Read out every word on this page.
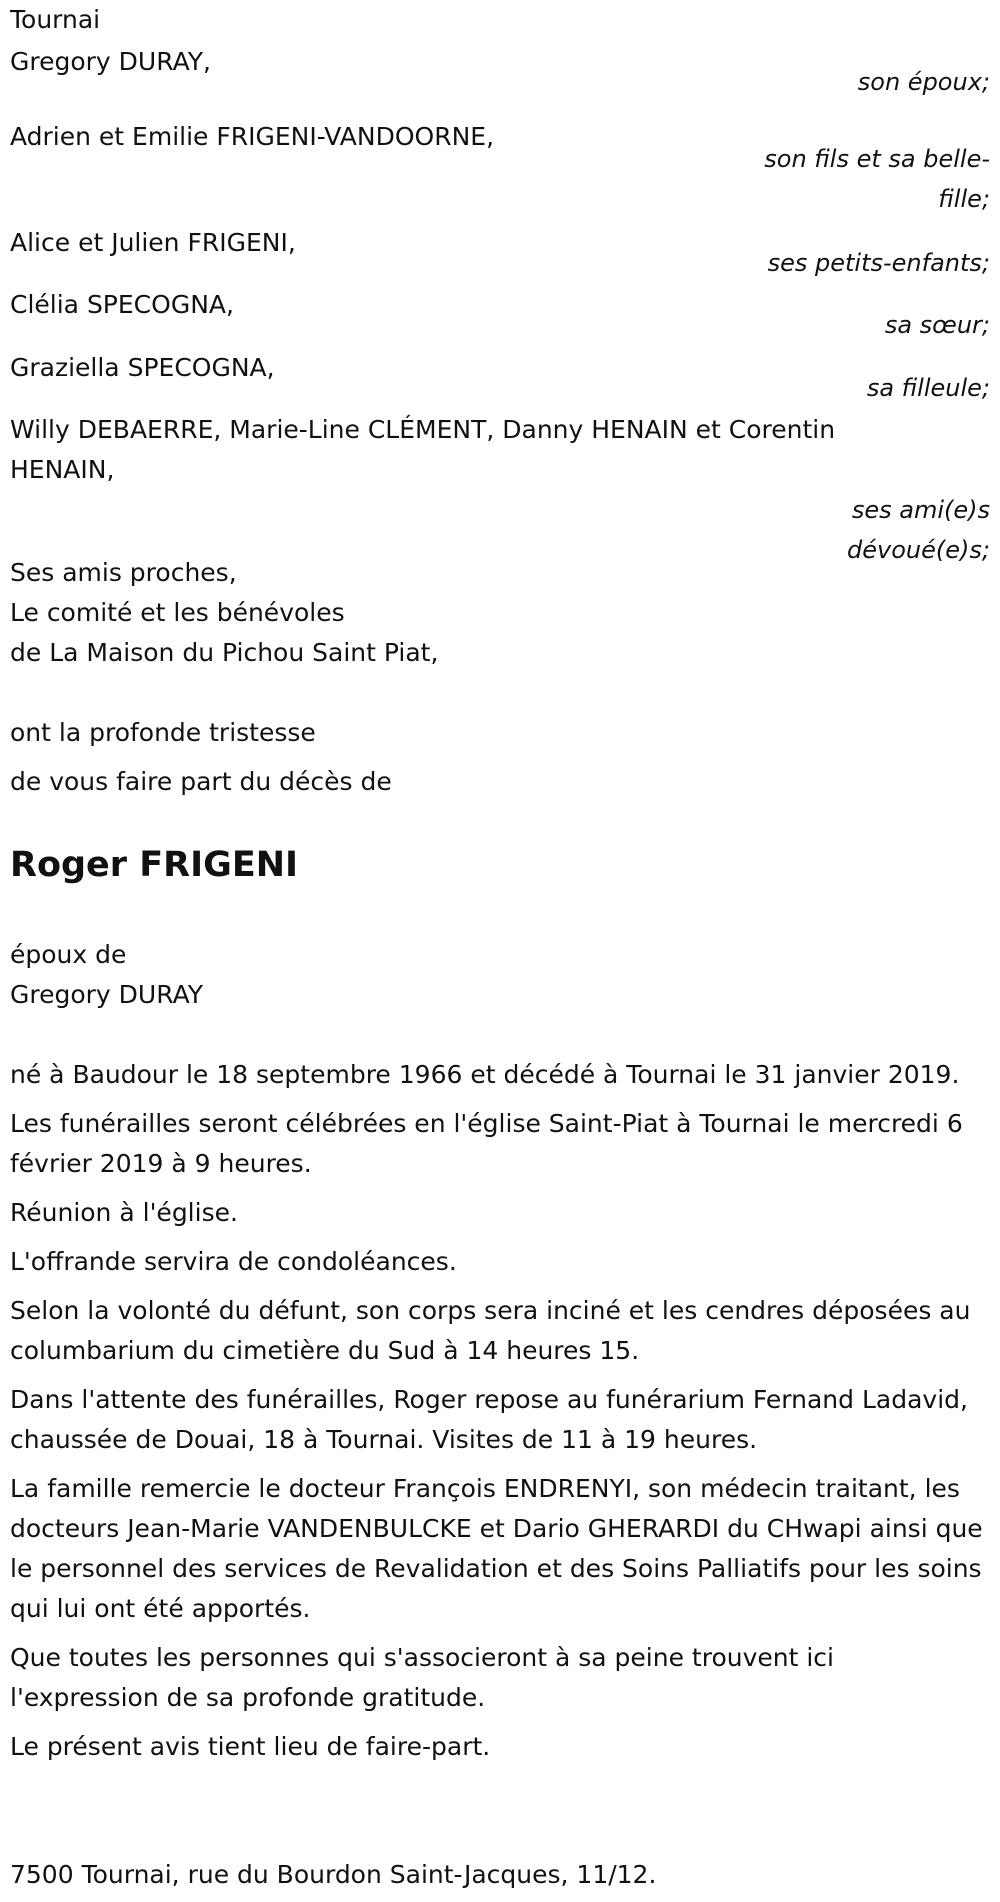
Tournai
Gregory DURAY,
son époux;
Adrien et Emilie FRIGENI-VANDOORNE,
son fils et sa belle-fille;
Alice et Julien FRIGENI,
ses petits-enfants;
Clélia SPECOGNA,
sa sœur;
Graziella SPECOGNA,
sa filleule;
Willy DEBAERRE, Marie-Line CLÉMENT, Danny HENAIN et Corentin HENAIN,
ses ami(e)s dévoué(e)s;
Ses amis proches,
Le comité et les bénévoles
de La Maison du Pichou Saint Piat,
ont la profonde tristesse
de vous faire part du décès de
Roger FRIGENI
époux de
Gregory DURAY

né à Baudour le 18 septembre 1966 et décédé à Tournai le 31 janvier 2019.

Les funérailles seront célébrées en l'église Saint-Piat à Tournai le mercredi 6 février 2019 à 9 heures.

Réunion à l'église.

L'offrande servira de condoléances.

Selon la volonté du défunt, son corps sera inciné et les cendres déposées au columbarium du cimetière du Sud à 14 heures 15.

Dans l'attente des funérailles, Roger repose au funérarium Fernand Ladavid, chaussée de Douai, 18 à Tournai. Visites de 11 à 19 heures.

La famille remercie le docteur François ENDRENYI, son médecin traitant, les docteurs Jean-Marie VANDENBULCKE et Dario GHERARDI du CHwapi ainsi que le personnel des services de Revalidation et des Soins Palliatifs pour les soins qui lui ont été apportés.

Que toutes les personnes qui s'associeront à sa peine trouvent ici l'expression de sa profonde gratitude.

Le présent avis tient lieu de faire-part.

7500 Tournai, rue du Bourdon Saint-Jacques, 11/12.
